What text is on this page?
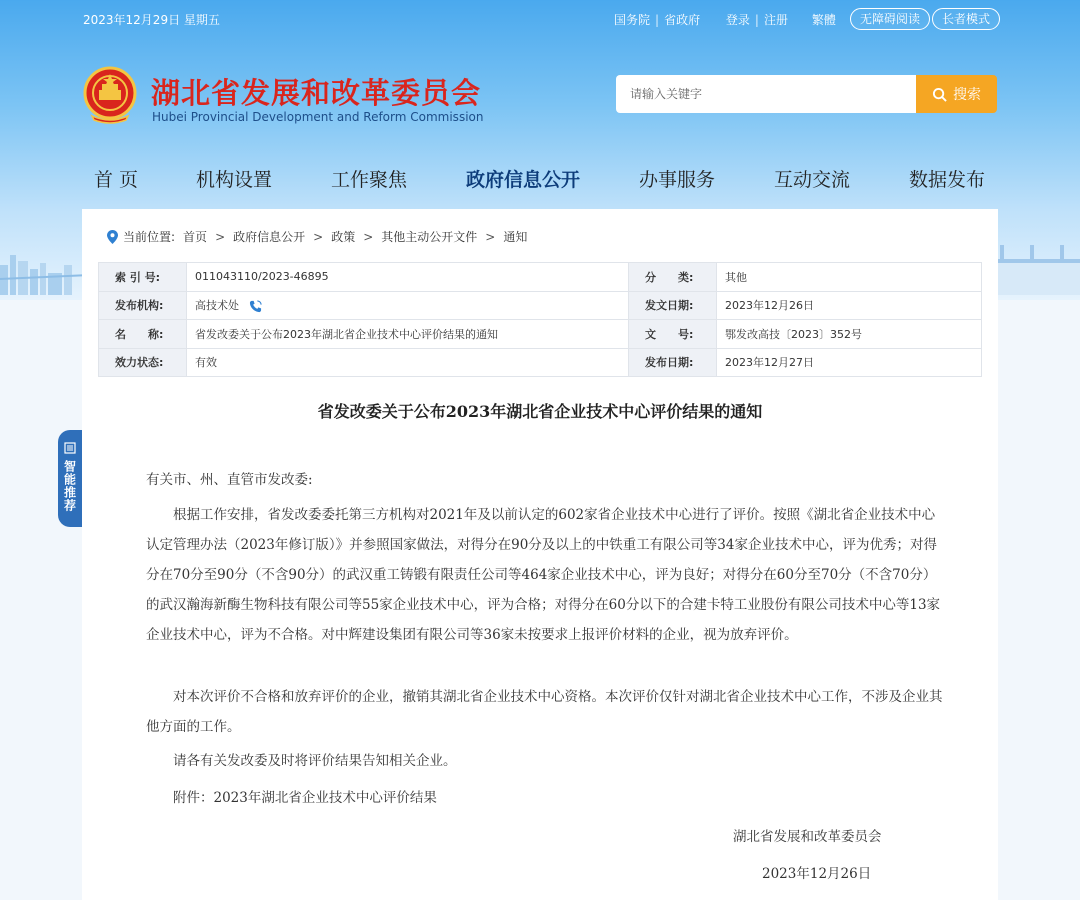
2023年12月29日 星期五	国务院 | 省政府 登录 | 注册 繁體	无障碍阅读	长者模式
湖北省发展和改革委员会
Hubei Provincial Development and Reform Commission
请输入关键字
搜索
首 页	机构设置	工作聚焦	政府信息公开	办事服务	互动交流	数据发布
当前位置: 首页 > 政府信息公开 > 政策 > 其他主动公开文件 > 通知
索 引 号:	011043110/2023-46895	分　　类:	其他
发布机构:	高技术处	发文日期:	2023年12月26日
名　　称:	省发改委关于公布2023年湖北省企业技术中心评价结果的通知	文　　号:	鄂发改高技〔2023〕352号
效力状态:	有效	发布日期:	2023年12月27日
省发改委关于公布2023年湖北省企业技术中心评价结果的通知
有关市、州、直管市发改委:
根据工作安排，省发改委委托第三方机构对2021年及以前认定的602家省企业技术中心进行了评价。按照《湖北省企业技术中心认定管理办法（2023年修订版）》并参照国家做法，对得分在90分及以上的中铁重工有限公司等34家企业技术中心，评为优秀；对得分在70分至90分（不含90分）的武汉重工铸锻有限责任公司等464家企业技术中心，评为良好；对得分在60分至70分（不含70分）的武汉瀚海新酶生物科技有限公司等55家企业技术中心，评为合格；对得分在60分以下的合建卡特工业股份有限公司技术中心等13家企业技术中心，评为不合格。对中辉建设集团有限公司等36家未按要求上报评价材料的企业，视为放弃评价。
对本次评价不合格和放弃评价的企业，撤销其湖北省企业技术中心资格。本次评价仅针对湖北省企业技术中心工作，不涉及企业其他方面的工作。
请各有关发改委及时将评价结果告知相关企业。
附件：2023年湖北省企业技术中心评价结果
湖北省发展和改革委员会
2023年12月26日
智能推荐
